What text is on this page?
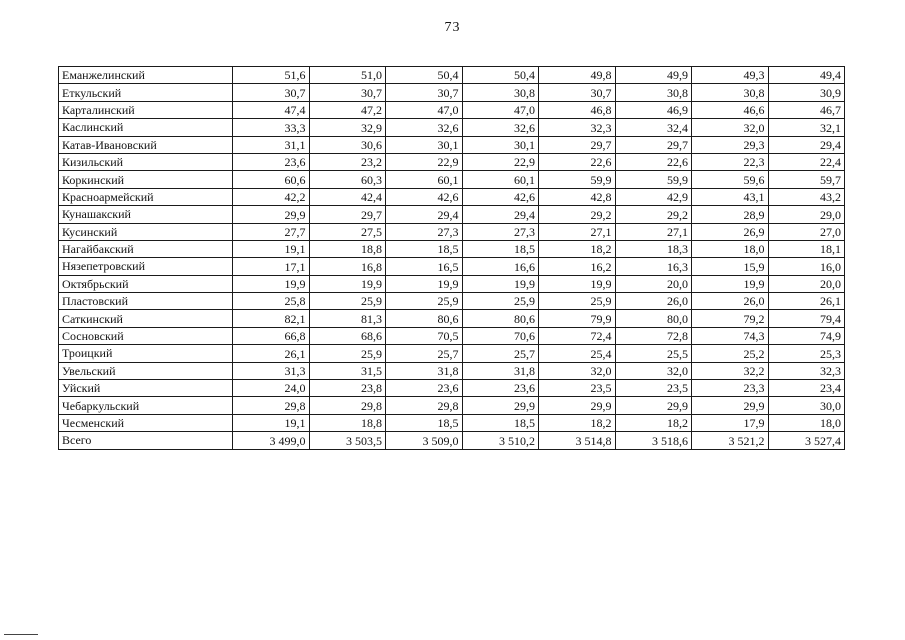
73
Еманжелинский	51,6	51,0	50,4	50,4	49,8	49,9	49,3	49,4
Еткульский	30,7	30,7	30,7	30,8	30,7	30,8	30,8	30,9
Карталинский	47,4	47,2	47,0	47,0	46,8	46,9	46,6	46,7
Каслинский	33,3	32,9	32,6	32,6	32,3	32,4	32,0	32,1
Катав-Ивановский	31,1	30,6	30,1	30,1	29,7	29,7	29,3	29,4
Кизильский	23,6	23,2	22,9	22,9	22,6	22,6	22,3	22,4
Коркинский	60,6	60,3	60,1	60,1	59,9	59,9	59,6	59,7
Красноармейский	42,2	42,4	42,6	42,6	42,8	42,9	43,1	43,2
Кунашакский	29,9	29,7	29,4	29,4	29,2	29,2	28,9	29,0
Кусинский	27,7	27,5	27,3	27,3	27,1	27,1	26,9	27,0
Нагайбакский	19,1	18,8	18,5	18,5	18,2	18,3	18,0	18,1
Нязепетровский	17,1	16,8	16,5	16,6	16,2	16,3	15,9	16,0
Октябрьский	19,9	19,9	19,9	19,9	19,9	20,0	19,9	20,0
Пластовский	25,8	25,9	25,9	25,9	25,9	26,0	26,0	26,1
Саткинский	82,1	81,3	80,6	80,6	79,9	80,0	79,2	79,4
Сосновский	66,8	68,6	70,5	70,6	72,4	72,8	74,3	74,9
Троицкий	26,1	25,9	25,7	25,7	25,4	25,5	25,2	25,3
Увельский	31,3	31,5	31,8	31,8	32,0	32,0	32,2	32,3
Уйский	24,0	23,8	23,6	23,6	23,5	23,5	23,3	23,4
Чебаркульский	29,8	29,8	29,8	29,9	29,9	29,9	29,9	30,0
Чесменский	19,1	18,8	18,5	18,5	18,2	18,2	17,9	18,0
Всего	3 499,0	3 503,5	3 509,0	3 510,2	3 514,8	3 518,6	3 521,2	3 527,4
